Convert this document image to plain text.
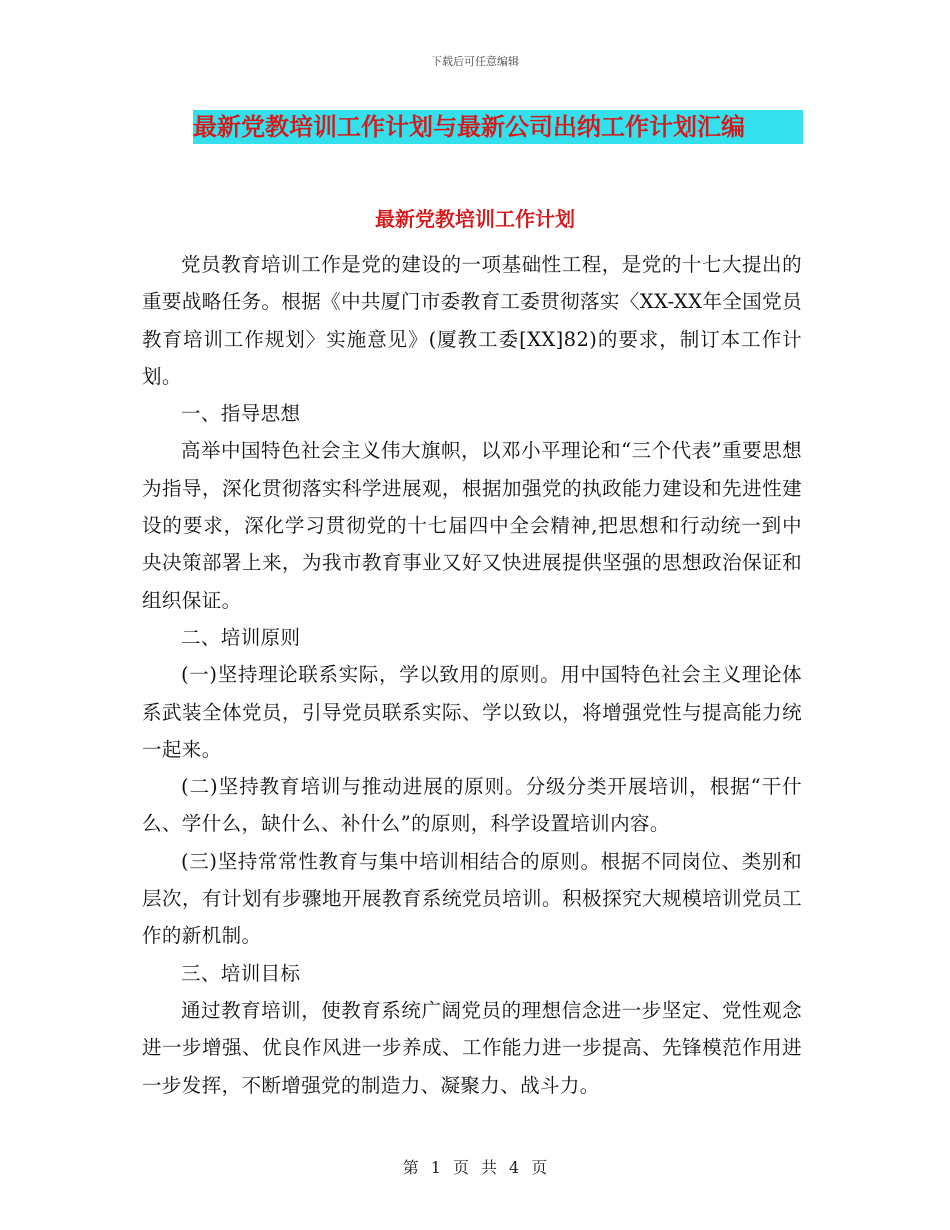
下载后可任意编辑
最新党教培训工作计划与最新公司出纳工作计划汇编
最新党教培训工作计划

党员教育培训工作是党的建设的一项基础性工程，是党的十七大提出的重要战略任务。根据《中共厦门市委教育工委贯彻落实〈XX-XX年全国党员教育培训工作规划〉实施意见》(厦教工委[XX]82)的要求，制订本工作计划。

一、指导思想

高举中国特色社会主义伟大旗帜，以邓小平理论和“三个代表”重要思想为指导，深化贯彻落实科学进展观，根据加强党的执政能力建设和先进性建设的要求，深化学习贯彻党的十七届四中全会精神,把思想和行动统一到中央决策部署上来，为我市教育事业又好又快进展提供坚强的思想政治保证和组织保证。

二、培训原则

(一)坚持理论联系实际，学以致用的原则。用中国特色社会主义理论体系武装全体党员，引导党员联系实际、学以致以，将增强党性与提高能力统一起来。

(二)坚持教育培训与推动进展的原则。分级分类开展培训，根据“干什么、学什么，缺什么、补什么”的原则，科学设置培训内容。

(三)坚持常常性教育与集中培训相结合的原则。根据不同岗位、类别和层次，有计划有步骤地开展教育系统党员培训。积极探究大规模培训党员工作的新机制。

三、培训目标

通过教育培训，使教育系统广阔党员的理想信念进一步坚定、党性观念进一步增强、优良作风进一步养成、工作能力进一步提高、先锋模范作用进一步发挥，不断增强党的制造力、凝聚力、战斗力。

第 1 页 共 4 页
